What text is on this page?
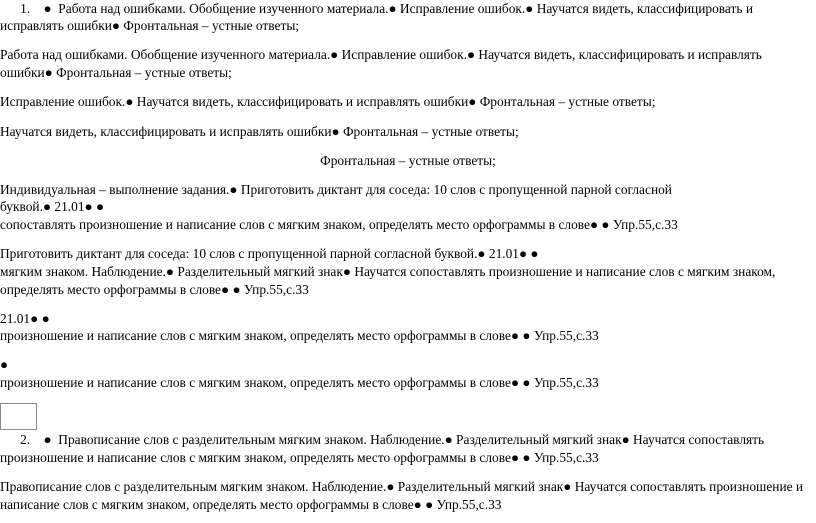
1.    ●  Работа над ошибками. Обобщение изученного материала.● Исправление ошибок.● Научатся видеть, классифицировать и
исправлять ошибки● Фронтальная – устные ответы;
Работа над ошибками. Обобщение изученного материала.● Исправление ошибок.● Научатся видеть, классифицировать и исправлять
ошибки● Фронтальная – устные ответы;
Исправление ошибок.● Научатся видеть, классифицировать и исправлять ошибки● Фронтальная – устные ответы;
Научатся видеть, классифицировать и исправлять ошибки● Фронтальная – устные ответы;
Фронтальная – устные ответы;
Индивидуальная – выполнение задания.● Приготовить диктант для соседа: 10 слов с пропущенной парной согласной
буквой.● 21.01● ●
сопоставлять произношение и написание слов с мягким знаком, определять место орфограммы в слове● ● Упр.55,с.33
Приготовить диктант для соседа: 10 слов с пропущенной парной согласной буквой.● 21.01● ●
мягким знаком. Наблюдение.● Разделительный мягкий знак● Научатся сопоставлять произношение и написание слов с мягким знаком,
определять место орфограммы в слове● ● Упр.55,с.33
21.01● ●
произношение и написание слов с мягким знаком, определять место орфограммы в слове● ● Упр.55,с.33
●
произношение и написание слов с мягким знаком, определять место орфограммы в слове● ● Упр.55,с.33
2.    ●  Правописание слов с разделительным мягким знаком. Наблюдение.● Разделительный мягкий знак● Научатся сопоставлять
произношение и написание слов с мягким знаком, определять место орфограммы в слове● ● Упр.55,с.33
Правописание слов с разделительным мягким знаком. Наблюдение.● Разделительный мягкий знак● Научатся сопоставлять произношение и
написание слов с мягким знаком, определять место орфограммы в слове● ● Упр.55,с.33
